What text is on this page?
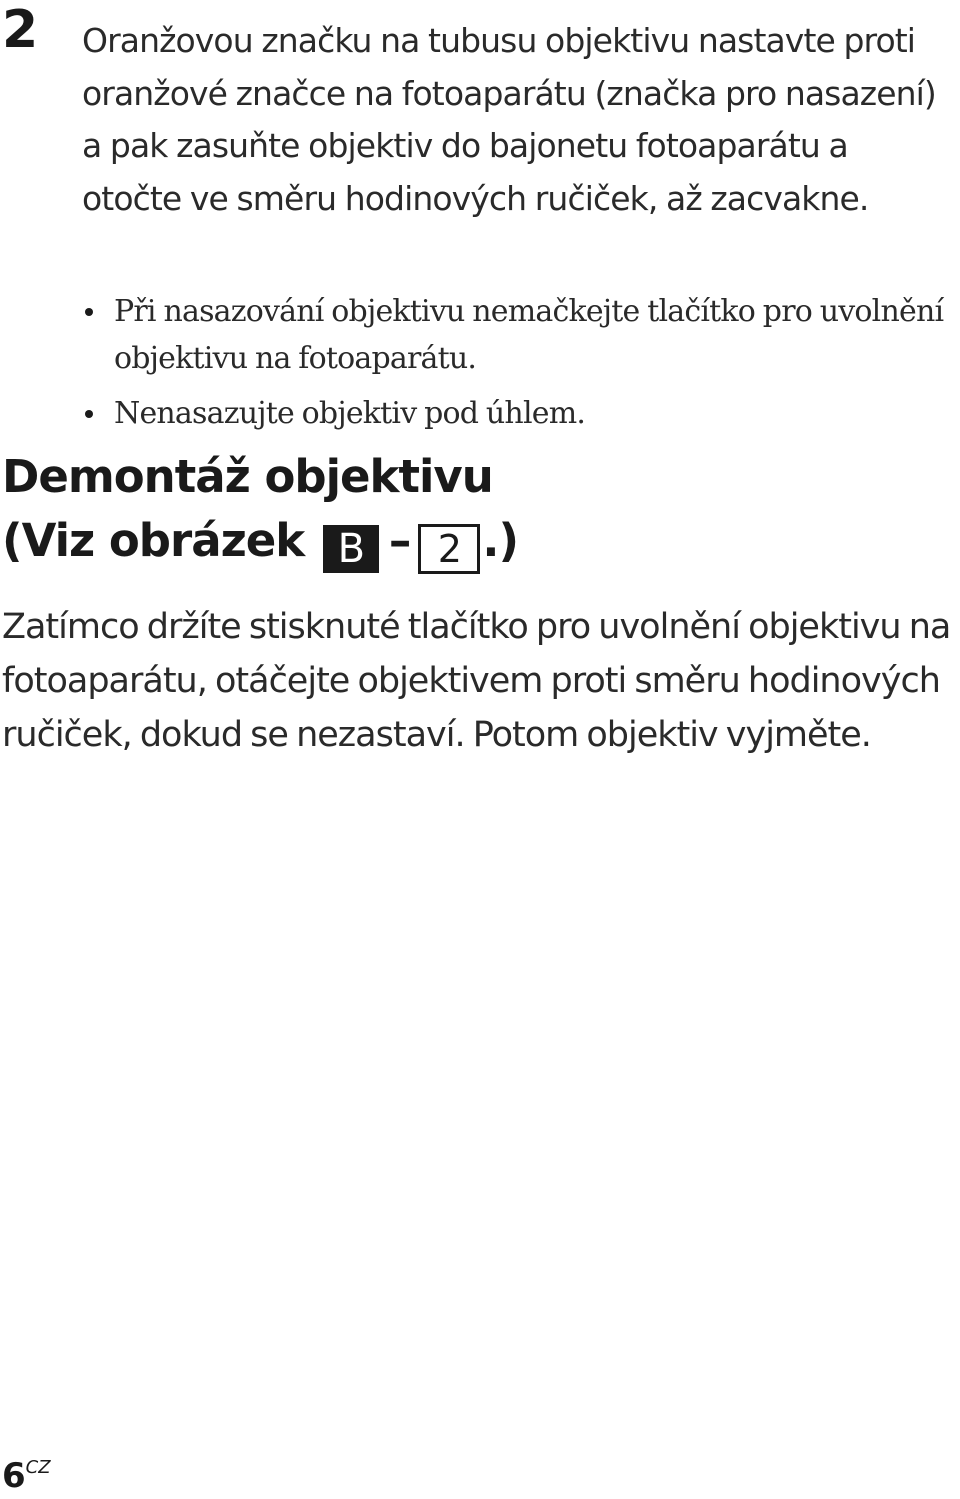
2 Oranžovou značku na tubusu objektivu nastavte proti oranžové značce na fotoaparátu (značka pro nasazení) a pak zasuňte objektiv do bajonetu fotoaparátu a otočte ve směru hodinových ručiček, až zacvakne.

Při nasazování objektivu nemačkejte tlačítko pro uvolnění objektivu na fotoaparátu.
Nenasazujte objektiv pod úhlem.
Demontáž objektivu
(Viz obrázek B – 2 .)

Zatímco držíte stisknuté tlačítko pro uvolnění objektivu na fotoaparátu, otáčejte objektivem proti směru hodinových ručiček, dokud se nezastaví. Potom objektiv vyjměte.

6CZ
